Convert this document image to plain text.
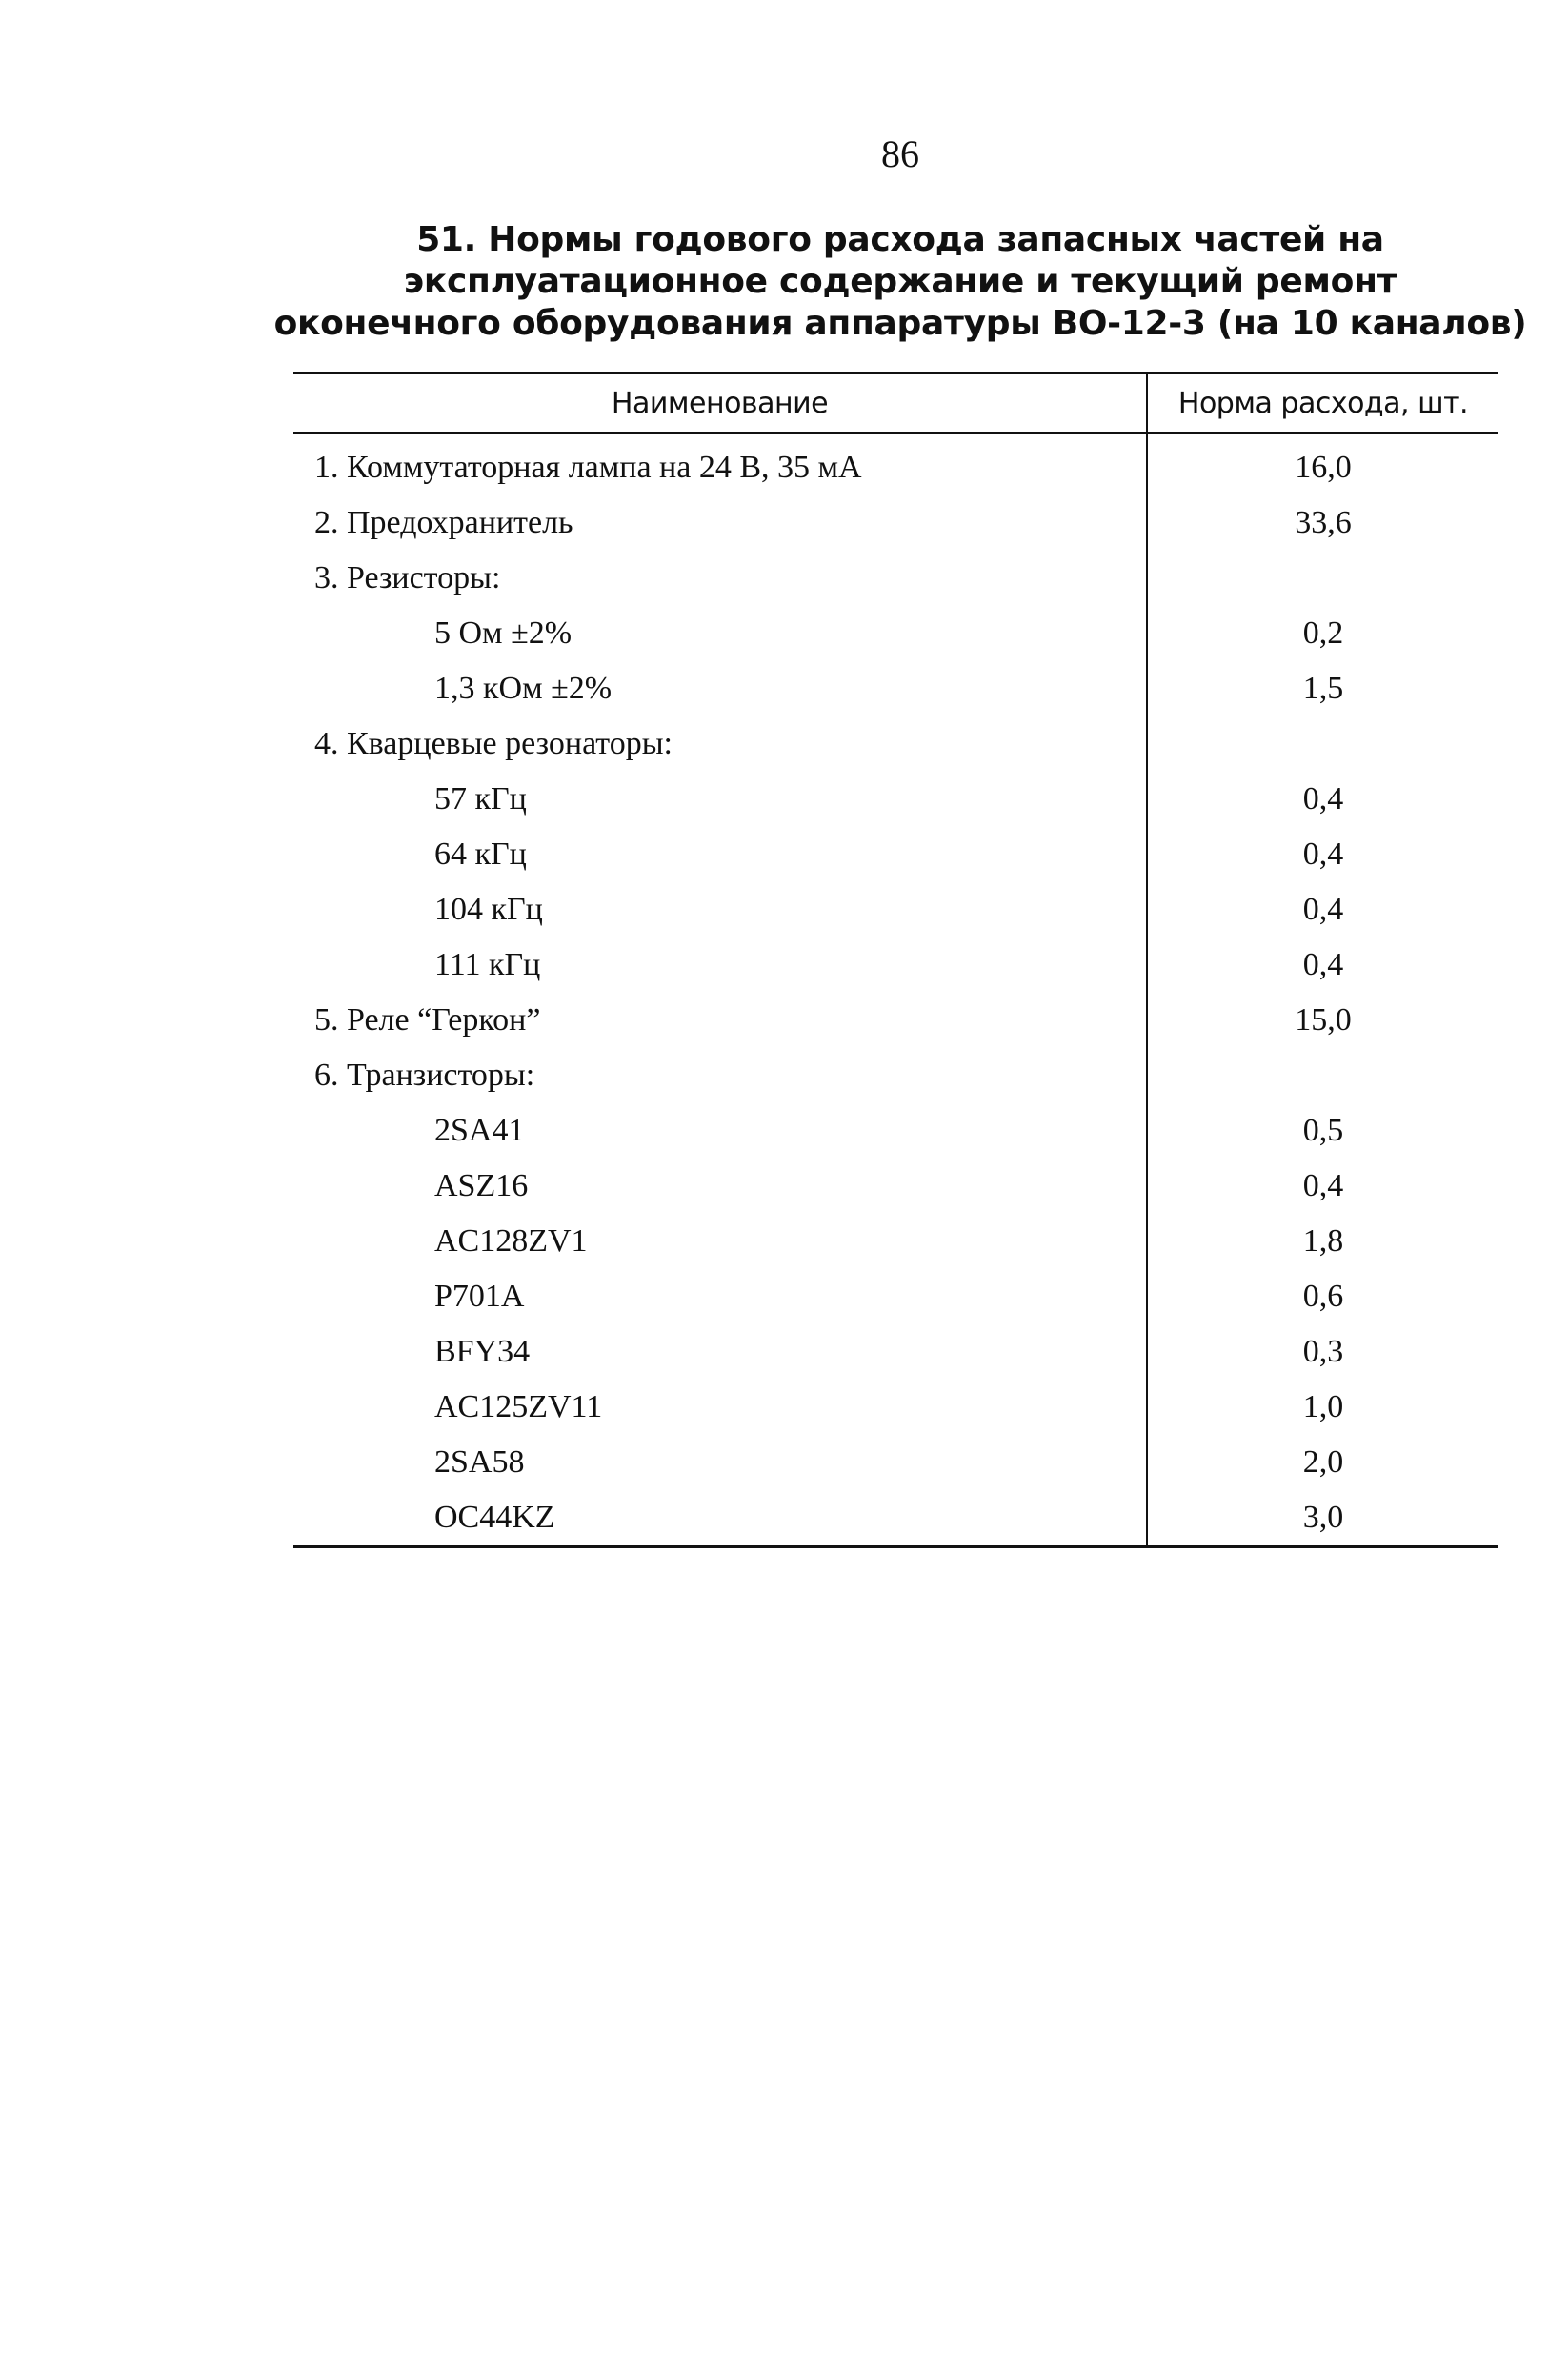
86
51. Нормы годового расхода запасных частей на
эксплуатационное содержание и текущий ремонт
оконечного оборудования аппаратуры ВО-12-3 (на 10 каналов)
Наименование	Норма расхода, шт.
1. Коммутаторная лампа на 24 В, 35 мА	16,0
2. Предохранитель	33,6
3. Резисторы:	
5 Ом ±2%	0,2
1,3 кОм ±2%	1,5
4. Кварцевые резонаторы:	
57 кГц	0,4
64 кГц	0,4
104 кГц	0,4
111 кГц	0,4
5. Реле “Геркон”	15,0
6. Транзисторы:	
2SA41	0,5
ASZ16	0,4
AC128ZV1	1,8
P701A	0,6
BFY34	0,3
AC125ZV11	1,0
2SA58	2,0
OC44KZ	3,0
